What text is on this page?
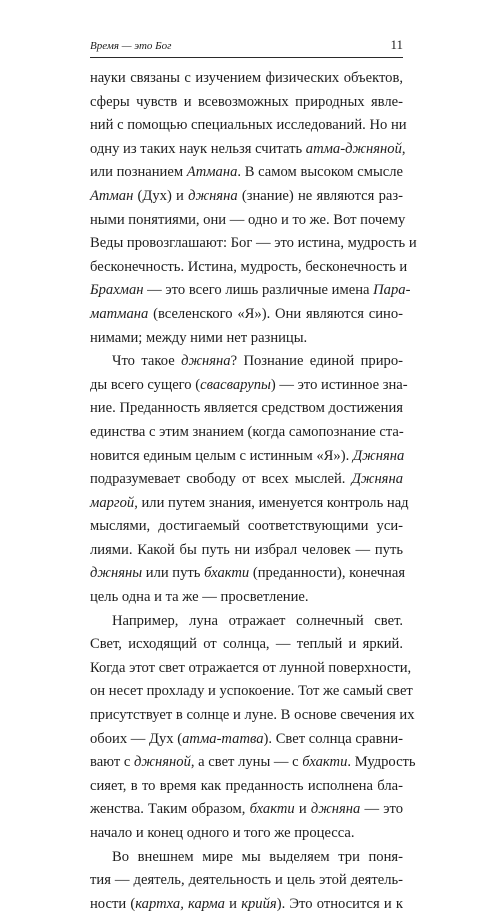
Время — это Бог	11
науки связаны с изучением физических объектов,
сферы чувств и всевозможных природных явле-
ний с помощью специальных исследований. Но ни
одну из таких наук нельзя считать атма-джняной,
или познанием Атмана. В самом высоком смысле
Атман (Дух) и джняна (знание) не являются раз-
ными понятиями, они — одно и то же. Вот почему
Веды провозглашают: Бог — это истина, мудрость и
бесконечность. Истина, мудрость, бесконечность и
Брахман — это всего лишь различные имена Пара-
матмана (вселенского «Я»). Они являются сино-
нимами; между ними нет разницы.
Что такое джняна? Познание единой приро-
ды всего сущего (свасварупы) — это истинное зна-
ние. Преданность является средством достижения
единства с этим знанием (когда самопознание ста-
новится единым целым с истинным «Я»). Джняна
подразумевает свободу от всех мыслей. Джняна
маргой, или путем знания, именуется контроль над
мыслями, достигаемый соответствующими уси-
лиями. Какой бы путь ни избрал человек — путь
джняны или путь бхакти (преданности), конечная
цель одна и та же — просветление.
Например, луна отражает солнечный свет.
Свет, исходящий от солнца, — теплый и яркий.
Когда этот свет отражается от лунной поверхности,
он несет прохладу и успокоение. Тот же самый свет
присутствует в солнце и луне. В основе свечения их
обоих — Дух (атма-татва). Свет солнца сравни-
вают с джняной, а свет луны — с бхакти. Мудрость
сияет, в то время как преданность исполнена бла-
женства. Таким образом, бхакти и джняна — это
начало и конец одного и того же процесса.
Во внешнем мире мы выделяем три поня-
тия — деятель, деятельность и цель этой деятель-
ности (картха, карма и крийя). Это относится и к
